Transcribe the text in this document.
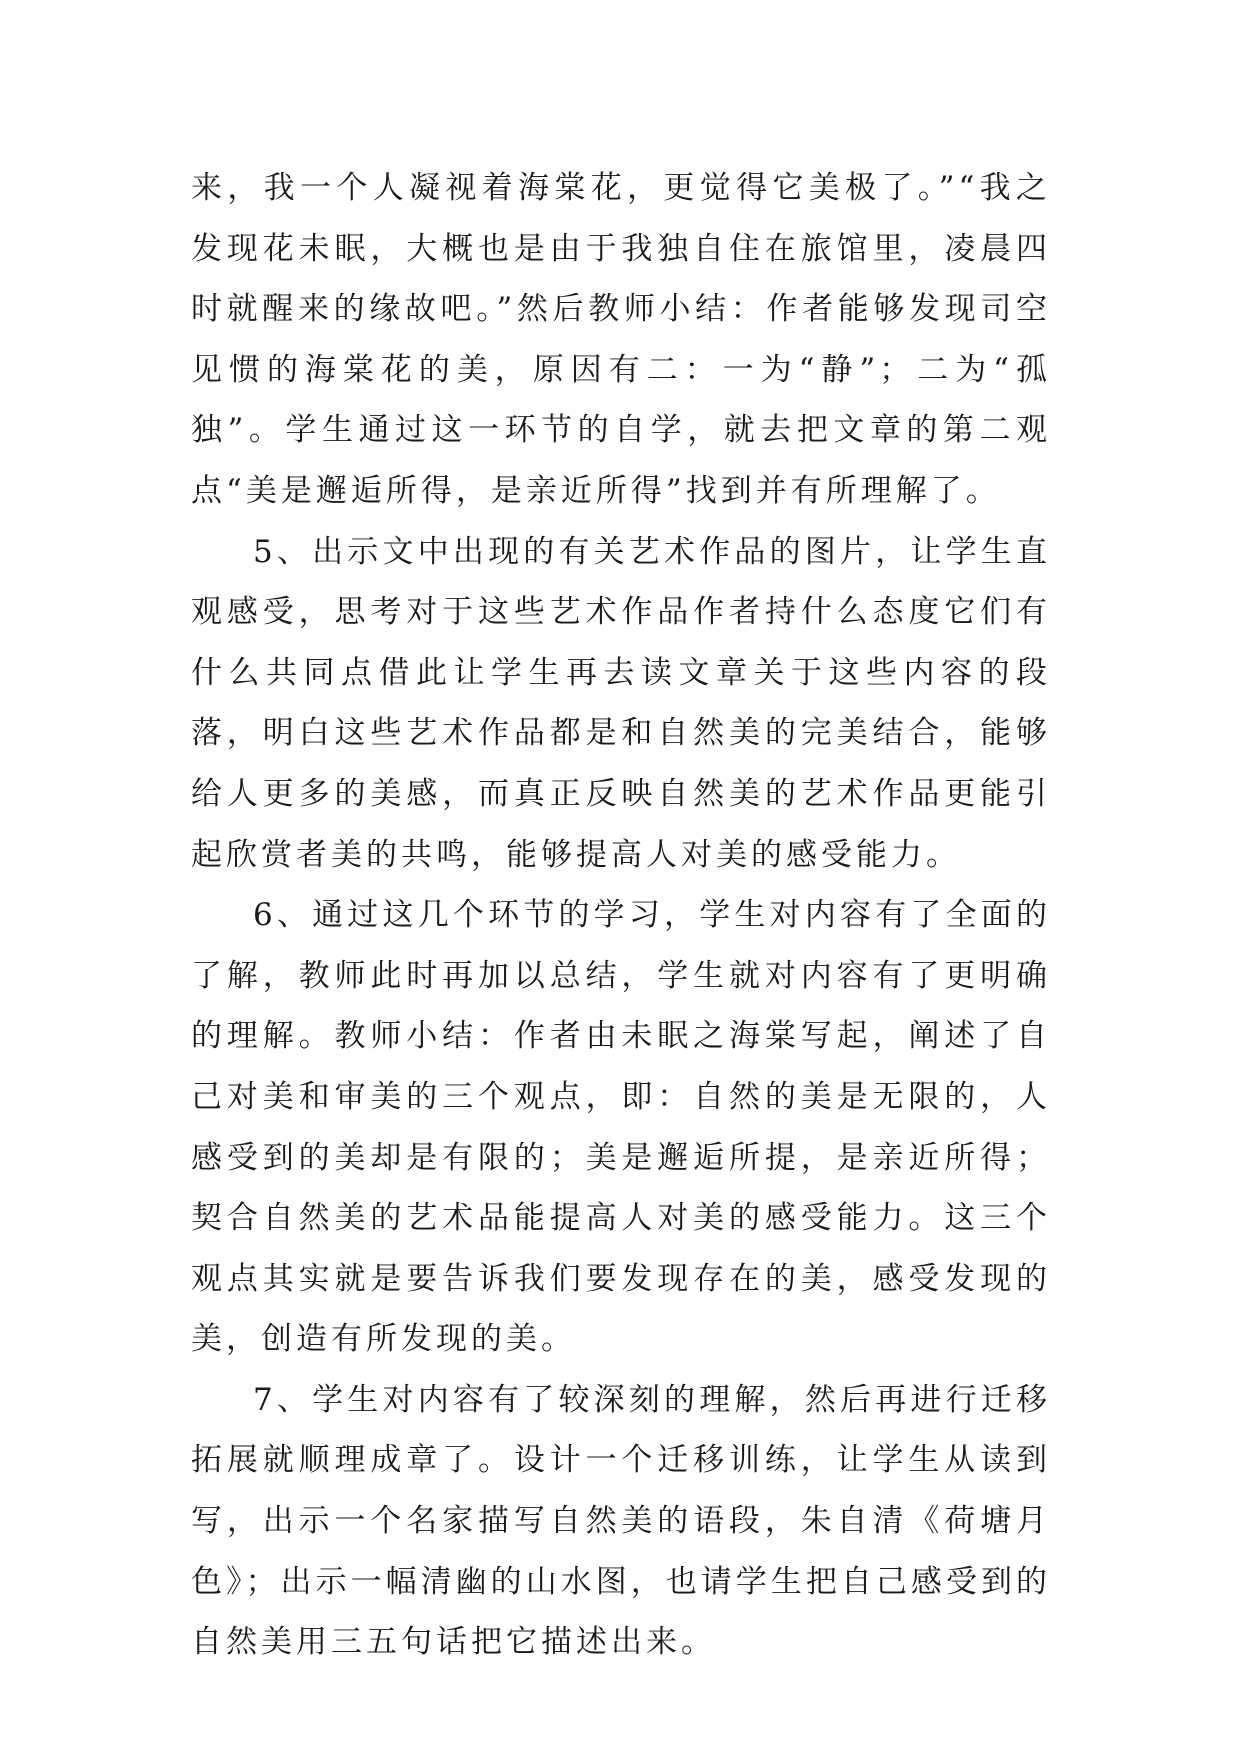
来，我一个人凝视着海棠花，更觉得它美极了。”“我之发现花未眠，大概也是由于我独自住在旅馆里，凌晨四时就醒来的缘故吧。”然后教师小结：作者能够发现司空见惯的海棠花的美，原因有二：一为“静”；二为“孤独”。学生通过这一环节的自学，就去把文章的第二观点“美是邂逅所得，是亲近所得”找到并有所理解了。

5、出示文中出现的有关艺术作品的图片，让学生直观感受，思考对于这些艺术作品作者持什么态度它们有什么共同点借此让学生再去读文章关于这些内容的段落，明白这些艺术作品都是和自然美的完美结合，能够给人更多的美感，而真正反映自然美的艺术作品更能引起欣赏者美的共鸣，能够提高人对美的感受能力。

6、通过这几个环节的学习，学生对内容有了全面的了解，教师此时再加以总结，学生就对内容有了更明确的理解。教师小结：作者由未眠之海棠写起，阐述了自己对美和审美的三个观点，即：自然的美是无限的，人感受到的美却是有限的；美是邂逅所提，是亲近所得；契合自然美的艺术品能提高人对美的感受能力。这三个观点其实就是要告诉我们要发现存在的美，感受发现的美，创造有所发现的美。

7、学生对内容有了较深刻的理解，然后再进行迁移拓展就顺理成章了。设计一个迁移训练，让学生从读到写，出示一个名家描写自然美的语段，朱自清《荷塘月色》；出示一幅清幽的山水图，也请学生把自己感受到的自然美用三五句话把它描述出来。
